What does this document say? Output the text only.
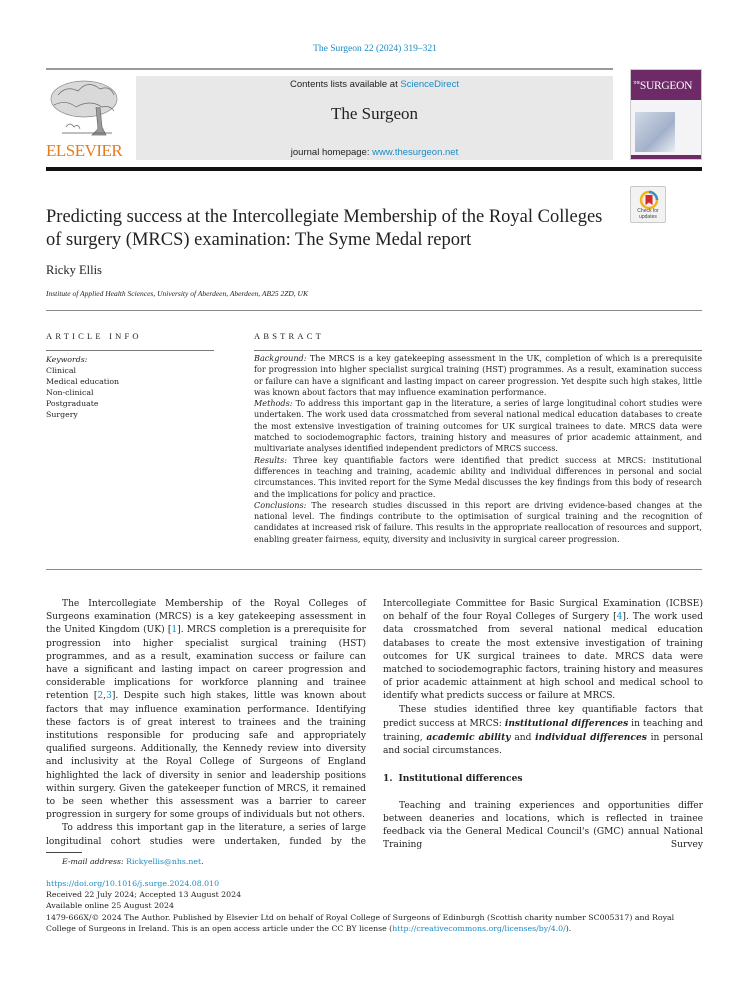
The Surgeon 22 (2024) 319–321
ELSEVIER
Contents lists available at ScienceDirect
The Surgeon
journal homepage: www.thesurgeon.net
$^{THE}$SURGEON
Predicting success at the Intercollegiate Membership of the Royal Colleges of surgery (MRCS) examination: The Syme Medal report
Check for
updates
Ricky Ellis
Institute of Applied Health Sciences, University of Aberdeen, Aberdeen, AB25 2ZD, UK
ARTICLE INFO
Keywords:
Clinical
Medical education
Non-clinical
Postgraduate
Surgery
ABSTRACT

Background: The MRCS is a key gatekeeping assessment in the UK, completion of which is a prerequisite for progression into higher specialist surgical training (HST) programmes. As a result, examination success or failure can have a significant and lasting impact on career progression. Yet despite such high stakes, little was known about factors that may influence examination performance.

Methods: To address this important gap in the literature, a series of large longitudinal cohort studies were undertaken. The work used data crossmatched from several national medical education databases to create the most extensive investigation of training outcomes for UK surgical trainees to date. MRCS data were matched to sociodemographic factors, training history and measures of prior academic attainment, and multivariate analyses identified independent predictors of MRCS success.

Results: Three key quantifiable factors were identified that predict success at MRCS: institutional differences in teaching and training, academic ability and individual differences in personal and social circumstances. This invited report for the Syme Medal discusses the key findings from this body of research and the implications for policy and practice.

Conclusions: The research studies discussed in this report are driving evidence-based changes at the national level. The findings contribute to the optimisation of surgical training and the recognition of candidates at increased risk of failure. This results in the appropriate reallocation of resources and support, enabling greater fairness, equity, diversity and inclusivity in surgical career progression.

The Intercollegiate Membership of the Royal Colleges of Surgeons examination (MRCS) is a key gatekeeping assessment in the United Kingdom (UK) [1]. MRCS completion is a prerequisite for progression into higher specialist surgical training (HST) programmes, and as a result, examination success or failure can have a significant and lasting impact on career progression and considerable implications for workforce planning and trainee retention [2,3]. Despite such high stakes, little was known about factors that may influence examination performance. Identifying these factors is of great interest to trainees and the training institutions responsible for producing safe and appropriately qualified surgeons. Additionally, the Kennedy review into diversity and inclusivity at the Royal College of Surgeons of England highlighted the lack of diversity in senior and leadership positions within surgery. Given the gatekeeper function of MRCS, it remained to be seen whether this assessment was a barrier to career progression in surgery for some groups of individuals but not others.

To address this important gap in the literature, a series of large longitudinal cohort studies were undertaken, funded by the

Intercollegiate Committee for Basic Surgical Examination (ICBSE) on behalf of the four Royal Colleges of Surgery [4]. The work used data crossmatched from several national medical education databases to create the most extensive investigation of training outcomes for UK surgical trainees to date. MRCS data were matched to sociodemographic factors, training history and measures of prior academic attainment at high school and medical school to identify what predicts success or failure at MRCS.

These studies identified three key quantifiable factors that predict success at MRCS: institutional differences in teaching and training, academic ability and individual differences in personal and social circumstances.

1. Institutional differences

Teaching and training experiences and opportunities differ between deaneries and locations, which is reflected in trainee feedback via the General Medical Council's (GMC) annual National Training Survey

E-mail address: Rickyellis@nhs.net.
https://doi.org/10.1016/j.surge.2024.08.010
Received 22 July 2024; Accepted 13 August 2024
Available online 25 August 2024
1479-666X/© 2024 The Author. Published by Elsevier Ltd on behalf of Royal College of Surgeons of Edinburgh (Scottish charity number SC005317) and Royal College of Surgeons in Ireland. This is an open access article under the CC BY license (http://creativecommons.org/licenses/by/4.0/).
